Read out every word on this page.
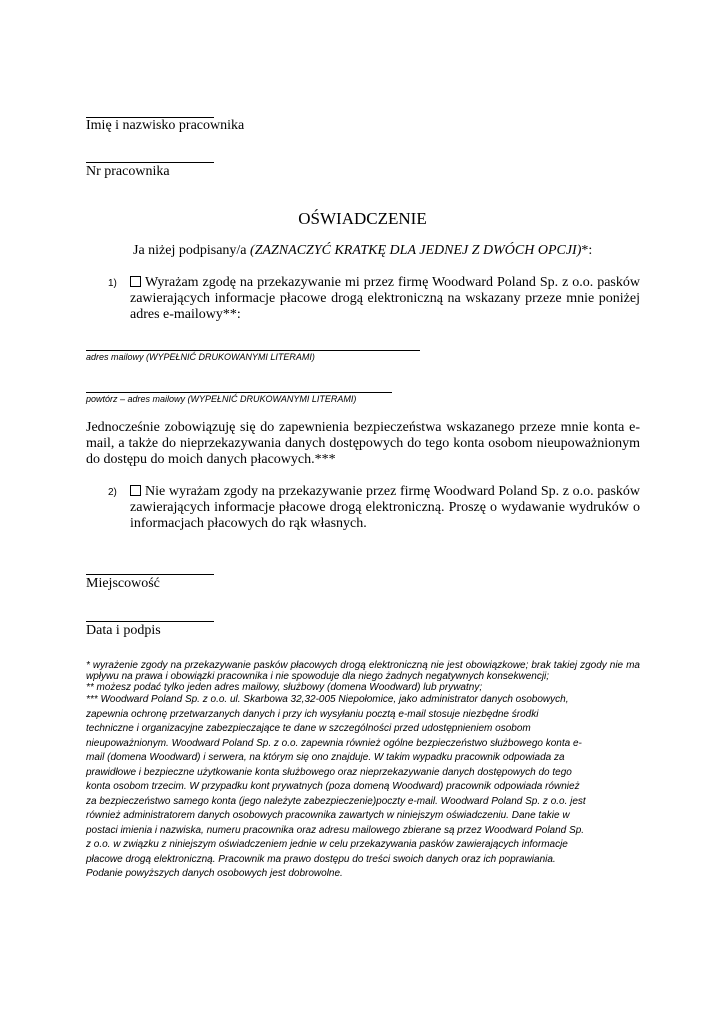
Imię i nazwisko pracownika
Nr pracownika
OŚWIADCZENIE
Ja niżej podpisany/a (ZAZNACZYĆ KRATKĘ DLA JEDNEJ Z DWÓCH OPCJI)*:
1)	Wyrażam zgodę na przekazywanie mi przez firmę Woodward Poland Sp. z o.o. pasków zawierających informacje płacowe drogą elektroniczną na wskazany przeze mnie poniżej adres e-mailowy**:
adres mailowy (WYPEŁNIĆ DRUKOWANYMI LITERAMI)
powtórz – adres mailowy (WYPEŁNIĆ DRUKOWANYMI LITERAMI)
Jednocześnie zobowiązuję się do zapewnienia bezpieczeństwa wskazanego przeze mnie konta e-mail, a także do nieprzekazywania danych dostępowych do tego konta osobom nieupoważnionym do dostępu do moich danych płacowych.***
2)	Nie wyrażam zgody na przekazywanie przez firmę Woodward Poland Sp. z o.o. pasków zawierających informacje płacowe drogą elektroniczną. Proszę o wydawanie wydruków o informacjach płacowych do rąk własnych.
Miejscowość
Data i podpis

* wyrażenie zgody na przekazywanie pasków płacowych drogą elektroniczną nie jest obowiązkowe; brak takiej zgody nie ma wpływu na prawa i obowiązki pracownika i nie spowoduje dla niego żadnych negatywnych konsekwencji;

** możesz podać tylko jeden adres mailowy, służbowy (domena Woodward) lub prywatny;

*** Woodward Poland Sp. z o.o. ul. Skarbowa 32,32-005 Niepołomice, jako administrator danych osobowych,
zapewnia ochronę przetwarzanych danych i przy ich wysyłaniu pocztą e-mail stosuje niezbędne środki
techniczne i organizacyjne zabezpieczające te dane w szczególności przed udostępnieniem osobom
nieupoważnionym. Woodward Poland Sp. z o.o. zapewnia również ogólne bezpieczeństwo służbowego konta e-
mail (domena Woodward) i serwera, na którym się ono znajduje. W takim wypadku pracownik odpowiada za
prawidłowe i bezpieczne użytkowanie konta służbowego oraz nieprzekazywanie danych dostępowych do tego
konta osobom trzecim. W przypadku kont prywatnych (poza domeną Woodward) pracownik odpowiada również
za bezpieczeństwo samego konta (jego należyte zabezpieczenie)poczty e-mail. Woodward Poland Sp. z o.o. jest
również administratorem danych osobowych pracownika zawartych w niniejszym oświadczeniu. Dane takie w
postaci imienia i nazwiska, numeru pracownika oraz adresu mailowego zbierane są przez Woodward Poland Sp.
z o.o. w związku z niniejszym oświadczeniem jednie w celu przekazywania pasków zawierających informacje
płacowe drogą elektroniczną. Pracownik ma prawo dostępu do treści swoich danych oraz ich poprawiania.
Podanie powyższych danych osobowych jest dobrowolne.
